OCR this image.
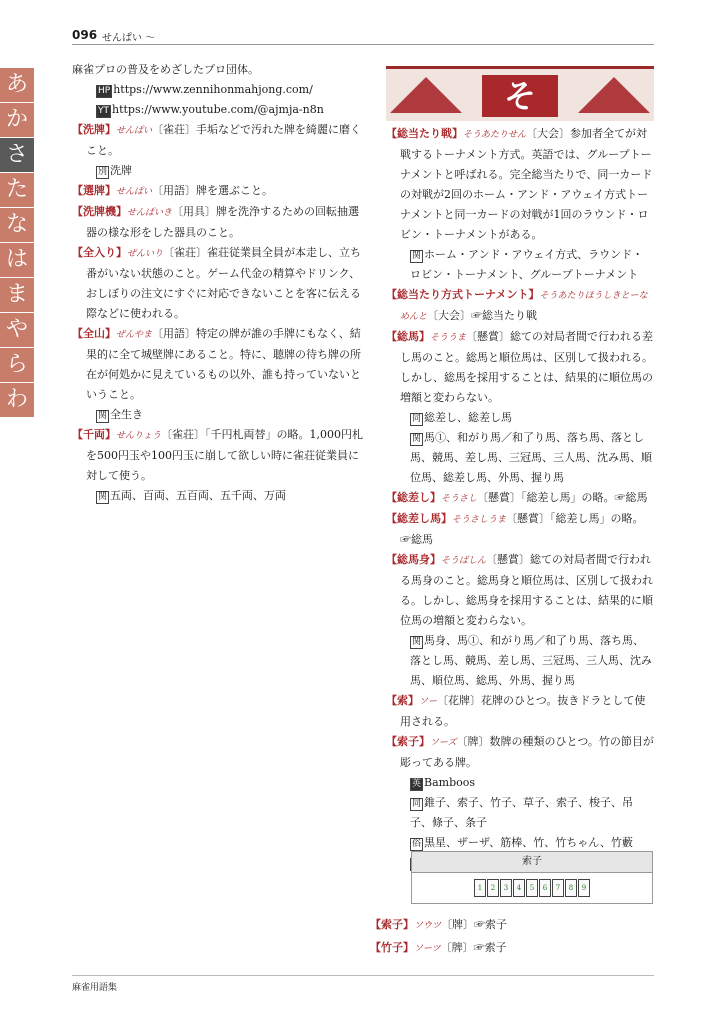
096 せんぱい ～
あ
か
さ
た
な
は
ま
や
ら
わ

麻雀プロの普及をめざしたプロ団体。

HP https://www.zennihonmahjong.com/

YT https://www.youtube.com/@ajmja-n8n

【洗牌】せんぱい〔雀荘〕手垢などで汚れた牌を綺麗に磨くこと。

別 洗牌

【選牌】せんぱい〔用語〕牌を選ぶこと。

【洗牌機】せんぱいき〔用具〕牌を洗浄するための回転抽選器の様な形をした器具のこと。

【全入り】ぜんいり〔雀荘〕雀荘従業員全員が本走し、立ち番がいない状態のこと。ゲーム代金の精算やドリンク、おしぼりの注文にすぐに対応できないことを客に伝える際などに使われる。

【全山】ぜんやま〔用語〕特定の牌が誰の手牌にもなく、結果的に全て城壁牌にあること。特に、聴牌の待ち牌の所在が何処かに見えているもの以外、誰も持っていないということ。

関 全生き

【千両】せんりょう〔雀荘〕「千円札両替」の略。1,000円札を500円玉や100円玉に崩して欲しい時に雀荘従業員に対して使う。

関 五両、百両、五百両、五千両、万両

そ

【総当たり戦】そうあたりせん〔大会〕参加者全てが対戦するトーナメント方式。英語では、グループトーナメントと呼ばれる。完全総当たりで、同一カードの対戦が2回のホーム・アンド・アウェイ方式トーナメントと同一カードの対戦が1回のラウンド・ロビン・トーナメントがある。

関 ホーム・アンド・アウェイ方式、ラウンド・ロビン・トーナメント、グループトーナメント

【総当たり方式トーナメント】そうあたりほうしきとーなめんと〔大会〕☞総当たり戦

【総馬】そううま〔懸賞〕総ての対局者間で行われる差し馬のこと。総馬と順位馬は、区別して扱われる。しかし、総馬を採用することは、結果的に順位馬の増額と変わらない。

同 総差し、総差し馬

関 馬①、和がり馬／和了り馬、落ち馬、落とし馬、競馬、差し馬、三冠馬、三人馬、沈み馬、順位馬、総差し馬、外馬、握り馬

【総差し】そうさし〔懸賞〕「総差し馬」の略。☞総馬

【総差し馬】そうさしうま〔懸賞〕「総差し馬」の略。☞総馬

【総馬身】そうばしん〔懸賞〕総ての対局者間で行われる馬身のこと。総馬身と順位馬は、区別して扱われる。しかし、総馬身を採用することは、結果的に順位馬の増額と変わらない。

関 馬身、馬①、和がり馬／和了り馬、落ち馬、落とし馬、競馬、差し馬、三冠馬、三人馬、沈み馬、順位馬、総馬、外馬、握り馬

【索】ソー〔花牌〕花牌のひとつ。抜きドラとして使用される。

【索子】ソーズ〔牌〕数牌の種類のひとつ。竹の節目が彫ってある牌。

英 Bamboos

同 錐子、索子、竹子、草子、索子、梭子、吊子、條子、条子

俗 黒星、ザーザ、筋棒、竹、竹ちゃん、竹藪

索子
1	2	3	4	5	6	7	8	9

【索子】ソウツ〔牌〕☞索子

【竹子】ソーツ〔牌〕☞索子

麻雀用語集
